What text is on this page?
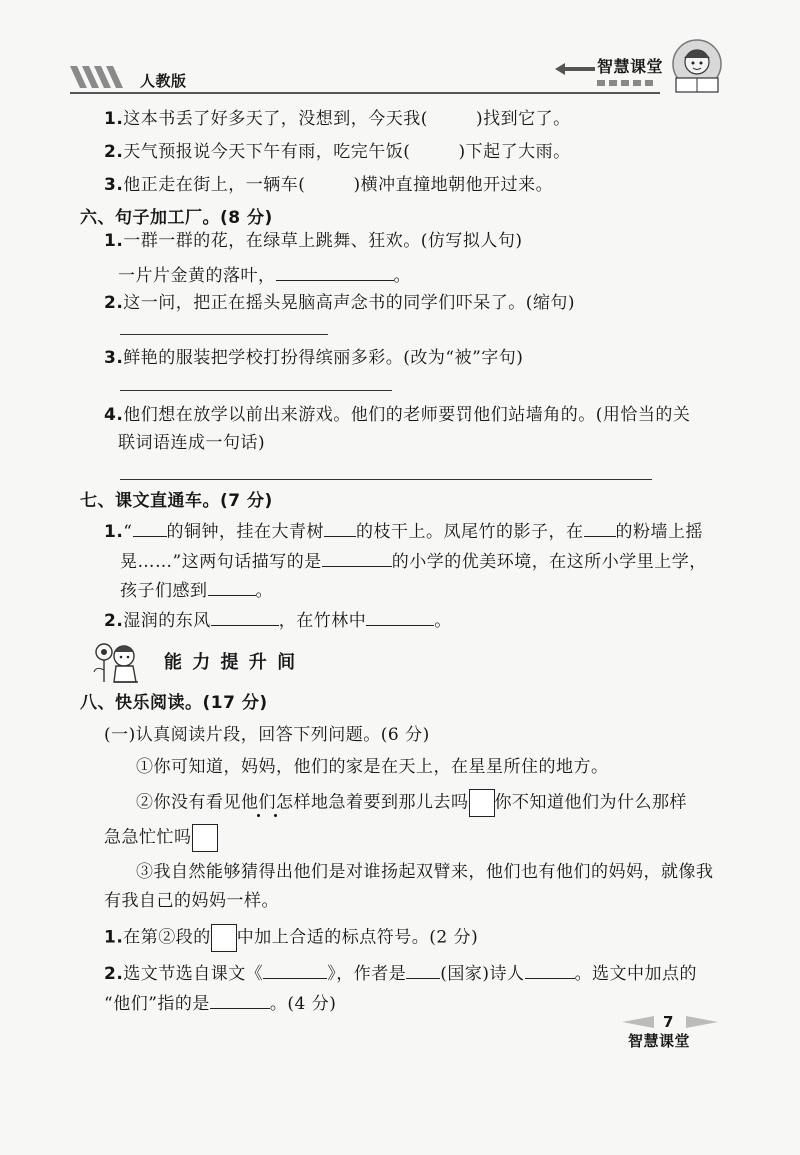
人教版
智慧课堂
1.这本书丢了好多天了，没想到，今天我(	)找到它了。
2.天气预报说今天下午有雨，吃完午饭(	)下起了大雨。
3.他正走在街上，一辆车(	)横冲直撞地朝他开过来。
六、句子加工厂。(8 分)
1.一群一群的花，在绿草上跳舞、狂欢。(仿写拟人句)
一片片金黄的落叶，	。
2.这一问，把正在摇头晃脑高声念书的同学们吓呆了。(缩句)
3.鲜艳的服装把学校打扮得缤丽多彩。(改为“被”字句)
4.他们想在放学以前出来游戏。他们的老师要罚他们站墙角的。(用恰当的关
联词语连成一句话)
七、课文直通车。(7 分)
1.“ 的铜钟，挂在大青树 的枝干上。凤尾竹的影子，在 的粉墙上摇
晃……”这两句话描写的是	的小学的优美环境，在这所小学里上学，
孩子们感到	。
2.湿润的东风	，在竹林中	。
能 力 提 升 间
八、快乐阅读。(17 分)
(一)认真阅读片段，回答下列问题。(6 分)
①你可知道，妈妈，他们的家是在天上，在星星所住的地方。
②你没有看见他们怎样地急着要到那儿去吗 你不知道他们为什么那样
急急忙忙吗
③我自然能够猜得出他们是对谁扬起双臂来，他们也有他们的妈妈，就像我
有我自己的妈妈一样。
1.在第②段的 中加上合适的标点符号。(2 分)
2.选文节选自课文《	》，作者是 (国家)诗人	。选文中加点的
“他们”指的是	。(4 分)
7
智慧课堂
